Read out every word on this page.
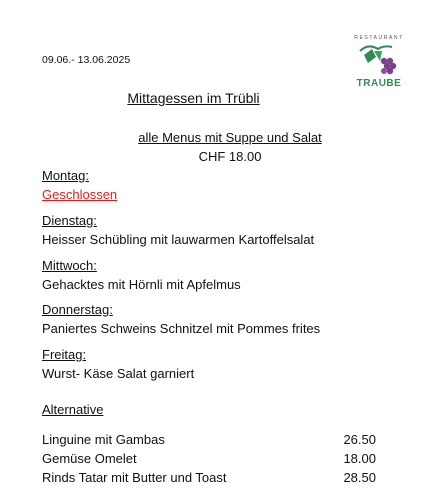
09.06.- 13.06.2025
RESTAURANT
TRAUBE
Mittagessen im Trübli
alle Menus mit Suppe und Salat
CHF 18.00
Montag:
Geschlossen
Dienstag:
Heisser Schübling mit lauwarmen Kartoffelsalat
Mittwoch:
Gehacktes mit Hörnli mit Apfelmus
Donnerstag:
Paniertes Schweins Schnitzel mit Pommes frites
Freitag:
Wurst- Käse Salat garniert
Alternative
Linguine mit Gambas	26.50
Gemüse Omelet	18.00
Rinds Tatar mit Butter und Toast	28.50
